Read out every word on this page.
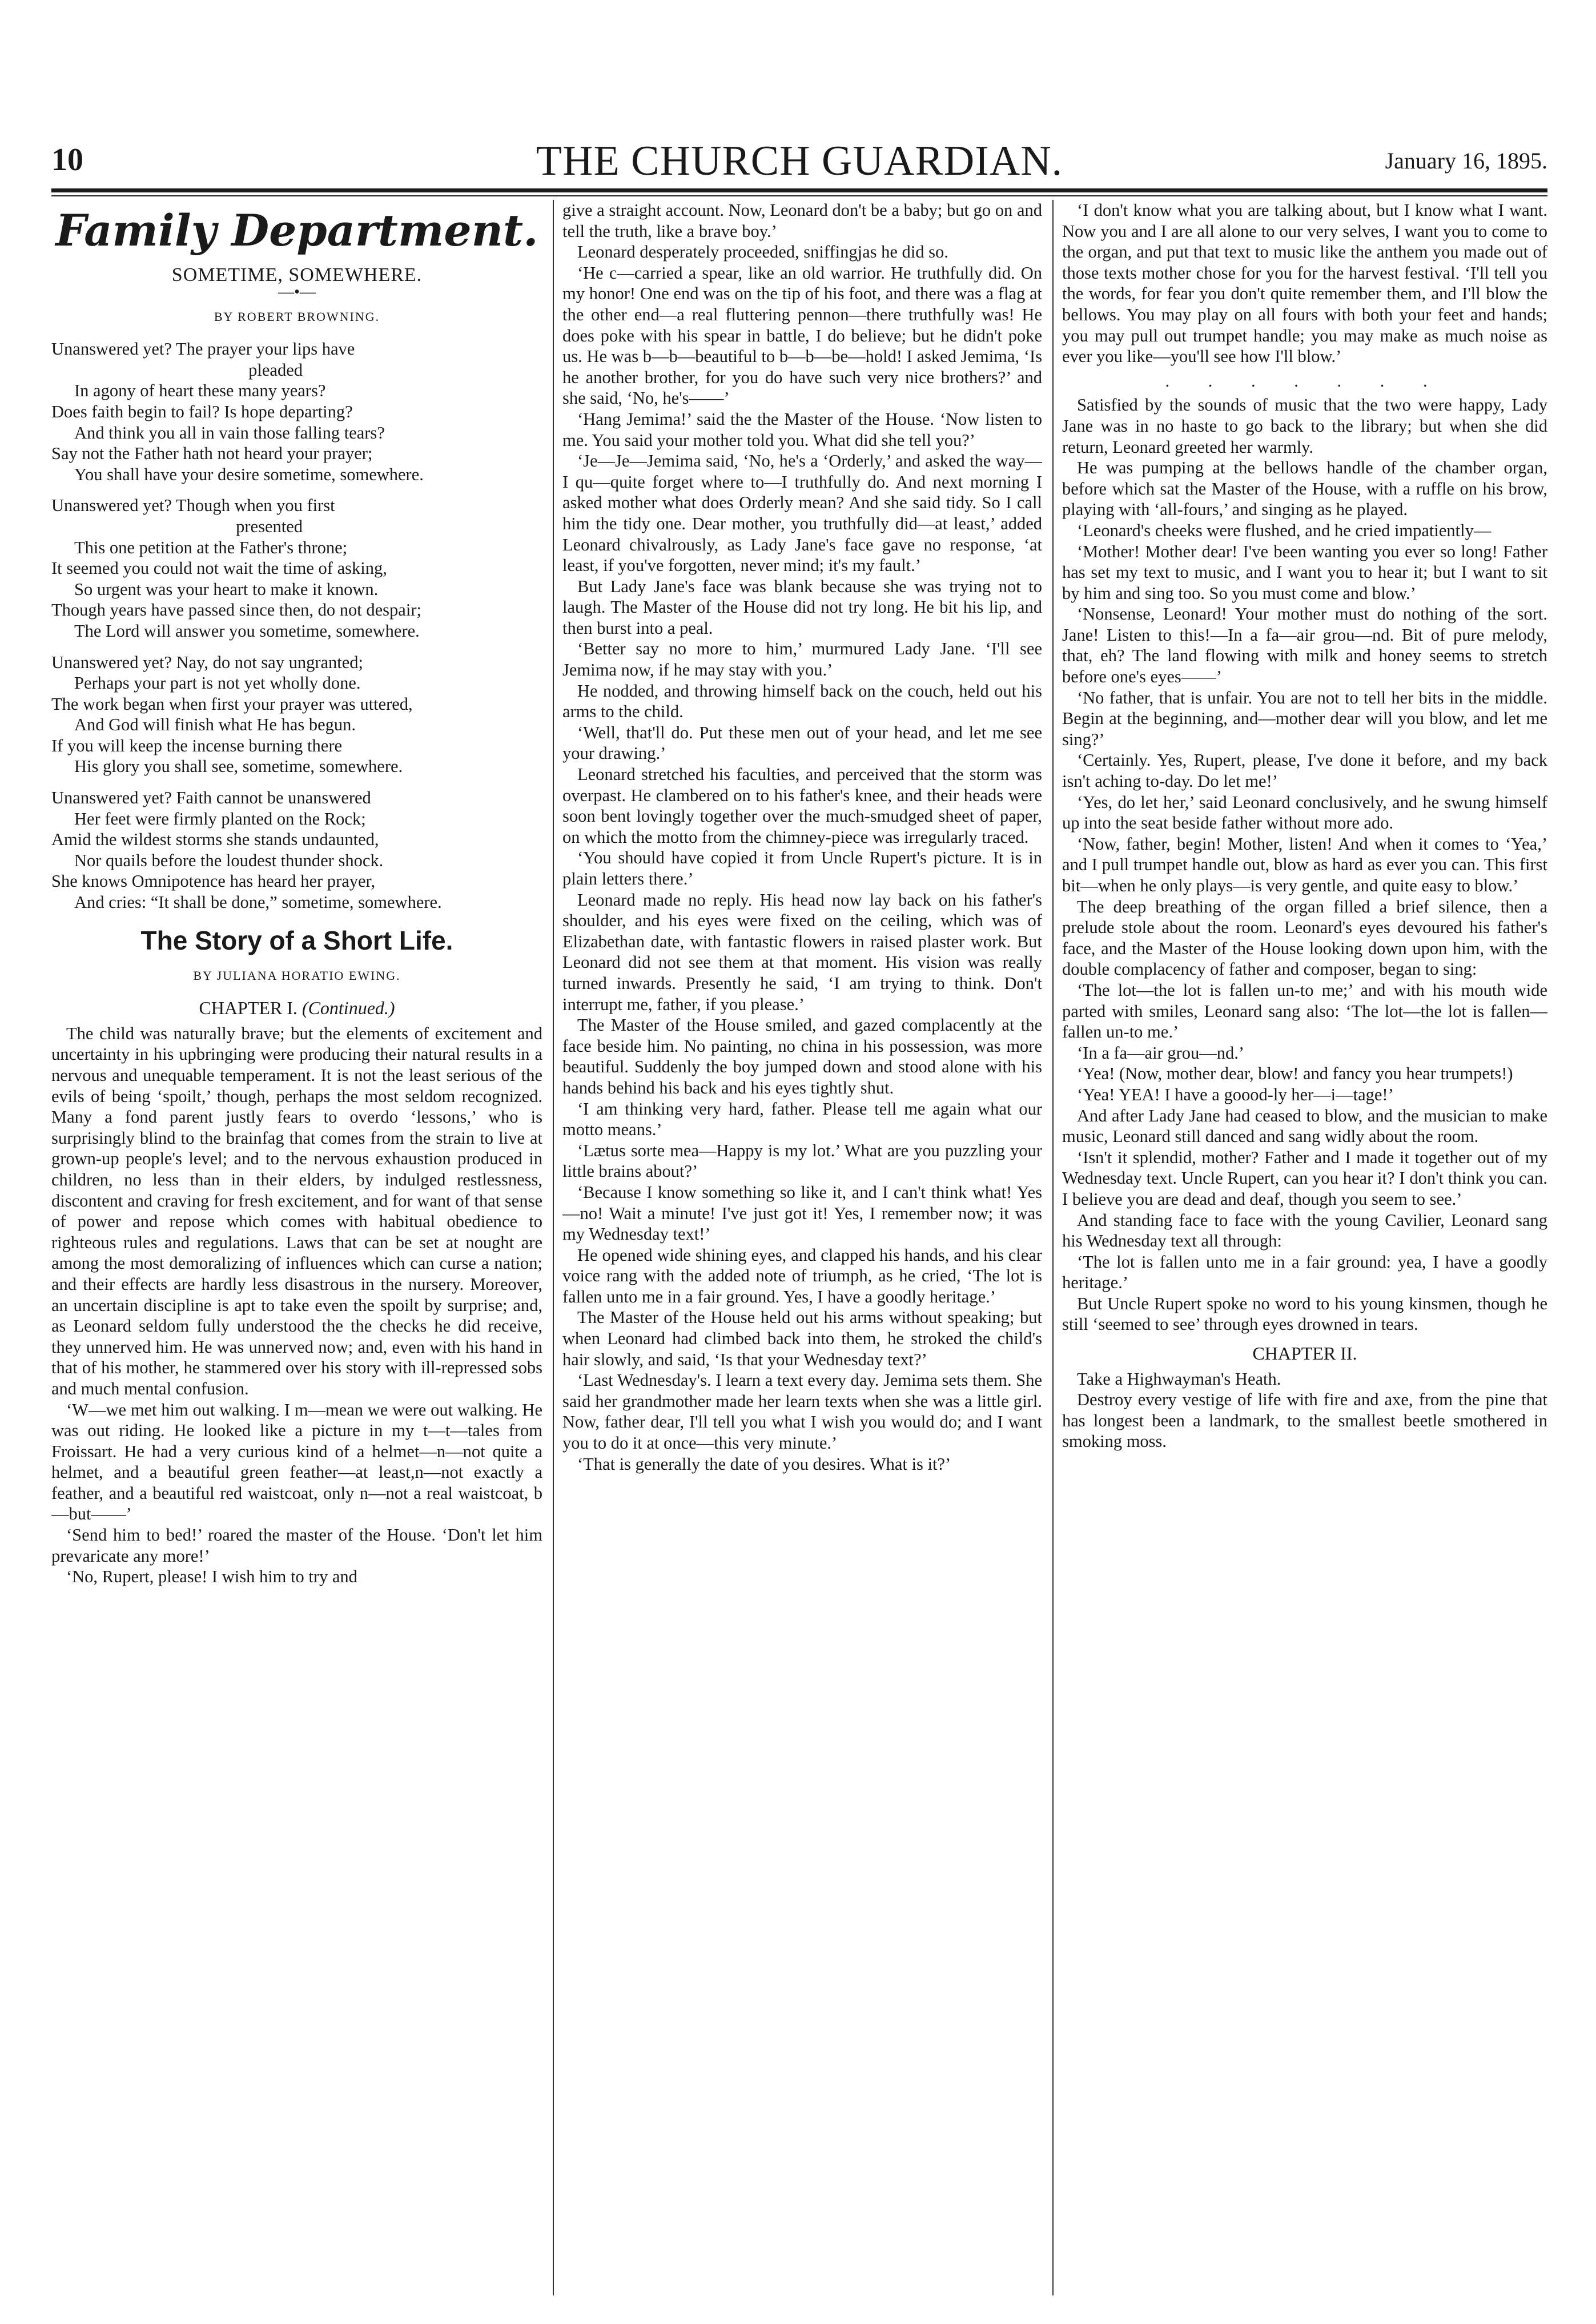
10	THE CHURCH GUARDIAN.	January 16, 1895.
Family Department.
SOMETIME, SOMEWHERE.
—•—
BY ROBERT BROWNING.

Unanswered yet? The prayer your lips have

pleaded

In agony of heart these many years?

Does faith begin to fail? Is hope departing?

And think you all in vain those falling tears?

Say not the Father hath not heard your prayer;

You shall have your desire sometime, somewhere.

Unanswered yet? Though when you first

presented

This one petition at the Father's throne;

It seemed you could not wait the time of asking,

So urgent was your heart to make it known.

Though years have passed since then, do not despair;

The Lord will answer you sometime, somewhere.

Unanswered yet? Nay, do not say ungranted;

Perhaps your part is not yet wholly done.

The work began when first your prayer was uttered,

And God will finish what He has begun.

If you will keep the incense burning there

His glory you shall see, sometime, somewhere.

Unanswered yet? Faith cannot be unanswered

Her feet were firmly planted on the Rock;

Amid the wildest storms she stands undaunted,

Nor quails before the loudest thunder shock.

She knows Omnipotence has heard her prayer,

And cries: “It shall be done,” sometime, somewhere.

The Story of a Short Life.
BY JULIANA HORATIO EWING.
CHAPTER I. (Continued.)

The child was naturally brave; but the elements of excitement and uncertainty in his upbringing were producing their natural results in a nervous and unequable temperament. It is not the least serious of the evils of being ‘spoilt,’ though, perhaps the most seldom recognized. Many a fond parent justly fears to overdo ‘lessons,’ who is surprisingly blind to the brainfag that comes from the strain to live at grown-up people's level; and to the nervous exhaustion produced in children, no less than in their elders, by indulged restlessness, discontent and craving for fresh excitement, and for want of that sense of power and repose which comes with habitual obedience to righteous rules and regulations. Laws that can be set at nought are among the most demoralizing of influences which can curse a nation; and their effects are hardly less disastrous in the nursery. Moreover, an uncertain discipline is apt to take even the spoilt by surprise; and, as Leonard seldom fully understood the the checks he did receive, they unnerved him. He was unnerved now; and, even with his hand in that of his mother, he stammered over his story with ill-repressed sobs and much mental confusion.

‘W—we met him out walking. I m—mean we were out walking. He was out riding. He looked like a picture in my t—t—tales from Froissart. He had a very curious kind of a helmet—n—not quite a helmet, and a beautiful green feather—at least,n—not exactly a feather, and a beautiful red waistcoat, only n—not a real waistcoat, b—but——’

‘Send him to bed!’ roared the master of the House. ‘Don't let him prevaricate any more!’

‘No, Rupert, please! I wish him to try and

give a straight account. Now, Leonard don't be a baby; but go on and tell the truth, like a brave boy.’

Leonard desperately proceeded, sniffingjas he did so.

‘He c—carried a spear, like an old warrior. He truthfully did. On my honor! One end was on the tip of his foot, and there was a flag at the other end—a real fluttering pennon—there truthfully was! He does poke with his spear in battle, I do believe; but he didn't poke us. He was b—b—beautiful to b—b—be—hold! I asked Jemima, ‘Is he another brother, for you do have such very nice brothers?’ and she said, ‘No, he's——’

‘Hang Jemima!’ said the the Master of the House. ‘Now listen to me. You said your mother told you. What did she tell you?’

‘Je—Je—Jemima said, ‘No, he's a ‘Orderly,’ and asked the way—I qu—quite forget where to—I truthfully do. And next morning I asked mother what does Orderly mean? And she said tidy. So I call him the tidy one. Dear mother, you truthfully did—at least,’ added Leonard chivalrously, as Lady Jane's face gave no response, ‘at least, if you've forgotten, never mind; it's my fault.’

But Lady Jane's face was blank because she was trying not to laugh. The Master of the House did not try long. He bit his lip, and then burst into a peal.

‘Better say no more to him,’ murmured Lady Jane. ‘I'll see Jemima now, if he may stay with you.’

He nodded, and throwing himself back on the couch, held out his arms to the child.

‘Well, that'll do. Put these men out of your head, and let me see your drawing.’

Leonard stretched his faculties, and perceived that the storm was overpast. He clambered on to his father's knee, and their heads were soon bent lovingly together over the much-smudged sheet of paper, on which the motto from the chimney-piece was irregularly traced.

‘You should have copied it from Uncle Rupert's picture. It is in plain letters there.’

Leonard made no reply. His head now lay back on his father's shoulder, and his eyes were fixed on the ceiling, which was of Elizabethan date, with fantastic flowers in raised plaster work. But Leonard did not see them at that moment. His vision was really turned inwards. Presently he said, ‘I am trying to think. Don't interrupt me, father, if you please.’

The Master of the House smiled, and gazed complacently at the face beside him. No painting, no china in his possession, was more beautiful. Suddenly the boy jumped down and stood alone with his hands behind his back and his eyes tightly shut.

‘I am thinking very hard, father. Please tell me again what our motto means.’

‘Lætus sorte mea—Happy is my lot.’ What are you puzzling your little brains about?’

‘Because I know something so like it, and I can't think what! Yes—no! Wait a minute! I've just got it! Yes, I remember now; it was my Wednesday text!’

He opened wide shining eyes, and clapped his hands, and his clear voice rang with the added note of triumph, as he cried, ‘The lot is fallen unto me in a fair ground. Yes, I have a goodly heritage.’

The Master of the House held out his arms without speaking; but when Leonard had climbed back into them, he stroked the child's hair slowly, and said, ‘Is that your Wednesday text?’

‘Last Wednesday's. I learn a text every day. Jemima sets them. She said her grandmother made her learn texts when she was a little girl. Now, father dear, I'll tell you what I wish you would do; and I want you to do it at once—this very minute.’

‘That is generally the date of you desires. What is it?’

‘I don't know what you are talking about, but I know what I want. Now you and I are all alone to our very selves, I want you to come to the organ, and put that text to music like the anthem you made out of those texts mother chose for you for the harvest festival. ‘I'll tell you the words, for fear you don't quite remember them, and I'll blow the bellows. You may play on all fours with both your feet and hands; you may pull out trumpet handle; you may make as much noise as ever you like—you'll see how I'll blow.’

. . . . . . .

Satisfied by the sounds of music that the two were happy, Lady Jane was in no haste to go back to the library; but when she did return, Leonard greeted her warmly.

He was pumping at the bellows handle of the chamber organ, before which sat the Master of the House, with a ruffle on his brow, playing with ‘all-fours,’ and singing as he played.

‘Leonard's cheeks were flushed, and he cried impatiently—

‘Mother! Mother dear! I've been wanting you ever so long! Father has set my text to music, and I want you to hear it; but I want to sit by him and sing too. So you must come and blow.’

‘Nonsense, Leonard! Your mother must do nothing of the sort. Jane! Listen to this!—In a fa—air grou—nd. Bit of pure melody, that, eh? The land flowing with milk and honey seems to stretch before one's eyes——’

‘No father, that is unfair. You are not to tell her bits in the middle. Begin at the beginning, and—mother dear will you blow, and let me sing?’

‘Certainly. Yes, Rupert, please, I've done it before, and my back isn't aching to-day. Do let me!’

‘Yes, do let her,’ said Leonard conclusively, and he swung himself up into the seat beside father without more ado.

‘Now, father, begin! Mother, listen! And when it comes to ‘Yea,’ and I pull trumpet handle out, blow as hard as ever you can. This first bit—when he only plays—is very gentle, and quite easy to blow.’

The deep breathing of the organ filled a brief silence, then a prelude stole about the room. Leonard's eyes devoured his father's face, and the Master of the House looking down upon him, with the double complacency of father and composer, began to sing:

‘The lot—the lot is fallen un-to me;’ and with his mouth wide parted with smiles, Leonard sang also: ‘The lot—the lot is fallen—fallen un-to me.’

‘In a fa—air grou—nd.’

‘Yea! (Now, mother dear, blow! and fancy you hear trumpets!)

‘Yea! YEA! I have a goood-ly her—i—tage!’

And after Lady Jane had ceased to blow, and the musician to make music, Leonard still danced and sang widly about the room.

‘Isn't it splendid, mother? Father and I made it together out of my Wednesday text. Uncle Rupert, can you hear it? I don't think you can. I believe you are dead and deaf, though you seem to see.’

And standing face to face with the young Cavilier, Leonard sang his Wednesday text all through:

‘The lot is fallen unto me in a fair ground: yea, I have a goodly heritage.’

But Uncle Rupert spoke no word to his young kinsmen, though he still ‘seemed to see’ through eyes drowned in tears.

CHAPTER II.

Take a Highwayman's Heath.

Destroy every vestige of life with fire and axe, from the pine that has longest been a landmark, to the smallest beetle smothered in smoking moss.
